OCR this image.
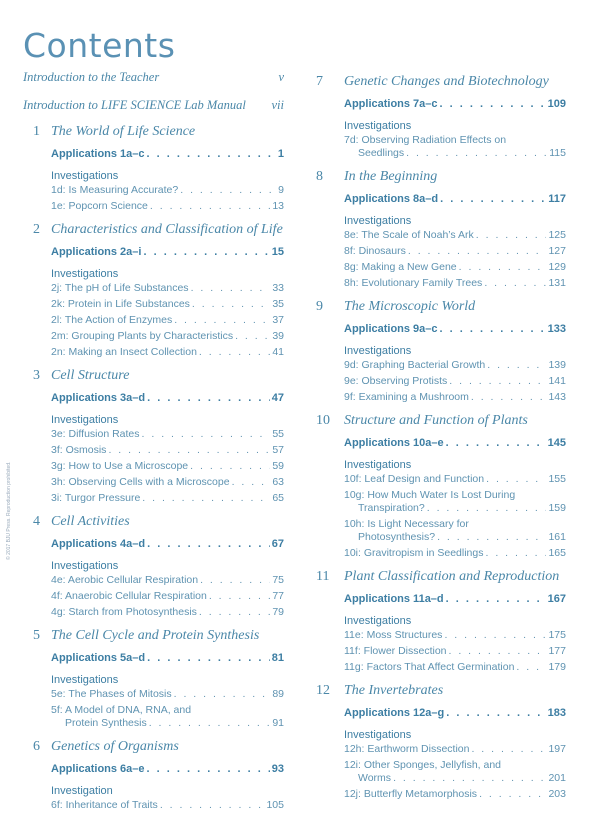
Contents
© 2017 BJU Press. Reproduction prohibited.
Introduction to the Teacher	v
Introduction to LIFE SCIENCE Lab Manual vii
1 The World of Life Science
Applications 1a–c . . .	1
Investigations
1d: Is Measuring Accurate? . . .	9
1e: Popcorn Science . . .	13
2 Characteristics and Classification of Life
Applications 2a–i . . .	15
Investigations
2j: The pH of Life Substances . . .	33
2k: Protein in Life Substances . . .	35
2l: The Action of Enzymes . . .	37
2m: Grouping Plants by Characteristics . . .	39
2n: Making an Insect Collection . . .	41
3 Cell Structure
Applications 3a–d . . .	47
Investigations
3e: Diffusion Rates . . .	55
3f: Osmosis . . .	57
3g: How to Use a Microscope . . .	59
3h: Observing Cells with a Microscope . . .	63
3i: Turgor Pressure . . .	65
4 Cell Activities
Applications 4a–d . . .	67
Investigations
4e: Aerobic Cellular Respiration . . .	75
4f: Anaerobic Cellular Respiration . . .	77
4g: Starch from Photosynthesis . . .	79
5 The Cell Cycle and Protein Synthesis
Applications 5a–d . . .	81
Investigations
5e: The Phases of Mitosis . . .	89
5f: A Model of DNA, RNA, and
Protein Synthesis . . .	91
6 Genetics of Organisms
Applications 6a–e . . .	93
Investigation
6f: Inheritance of Traits . . .	105
7	Genetic Changes and Biotechnology
Applications 7a–c . . .	109
Investigations
7d: Observing Radiation Effects on
Seedlings . . .	115
8	In the Beginning
Applications 8a–d . . .	117
Investigations
8e: The Scale of Noah’s Ark . . .	125
8f: Dinosaurs . . .	127
8g: Making a New Gene . . .	129
8h: Evolutionary Family Trees . . .	131
9	The Microscopic World
Applications 9a–c . . .	133
Investigations
9d: Graphing Bacterial Growth . . .	139
9e: Observing Protists . . .	141
9f: Examining a Mushroom . . .	143
10	Structure and Function of Plants
Applications 10a–e . . .	145
Investigations
10f: Leaf Design and Function . . .	155
10g: How Much Water Is Lost During
Transpiration? . . .	159
10h: Is Light Necessary for
Photosynthesis? . . .	161
10i: Gravitropism in Seedlings . . .	165
11	Plant Classification and Reproduction
Applications 11a–d . . .	167
Investigations
11e: Moss Structures . . .	175
11f: Flower Dissection . . .	177
11g: Factors That Affect Germination . . .	179
12	The Invertebrates
Applications 12a–g . . .	183
Investigations
12h: Earthworm Dissection . . .	197
12i: Other Sponges, Jellyfish, and
Worms . . .	201
12j: Butterfly Metamorphosis . . .	203
